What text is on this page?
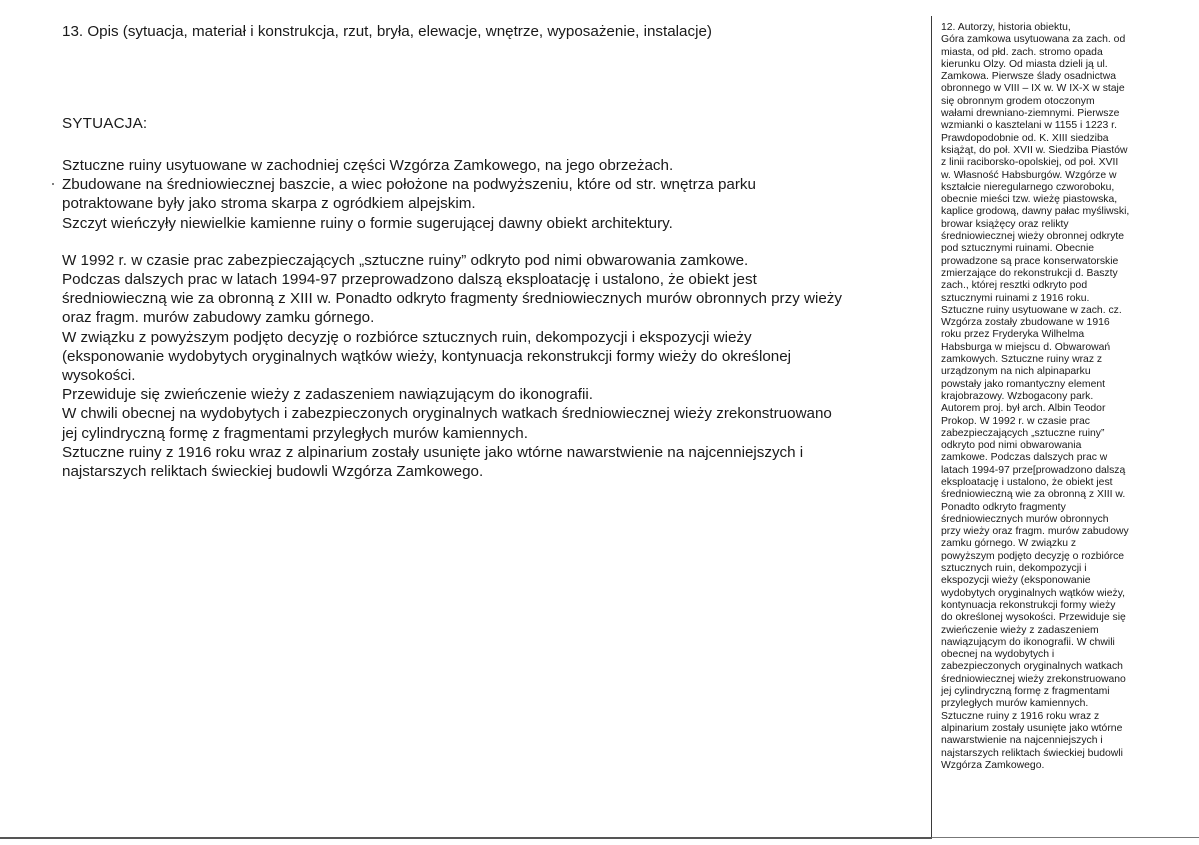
13. Opis (sytuacja, materiał i konstrukcja, rzut, bryła, elewacje, wnętrze, wyposażenie, instalacje)

SYTUACJA:

Sztuczne ruiny usytuowane w zachodniej części Wzgórza Zamkowego, na jego obrzeżach.

Zbudowane na średniowiecznej baszcie, a wiec położone na podwyższeniu, które od str. wnętrza parku

potraktowane były jako stroma skarpa z ogródkiem alpejskim.

Szczyt wieńczyły niewielkie kamienne ruiny o formie sugerującej dawny obiekt architektury.

W 1992 r. w czasie prac zabezpieczających „sztuczne ruiny” odkryto pod nimi obwarowania zamkowe.

Podczas dalszych prac w latach 1994-97 przeprowadzono dalszą eksploatację i ustalono, że obiekt jest

średniowieczną wie za obronną z XIII w. Ponadto odkryto fragmenty średniowiecznych murów obronnych przy wieży

oraz fragm. murów zabudowy zamku górnego.

W związku z powyższym podjęto decyzję o rozbiórce sztucznych ruin, dekompozycji i ekspozycji wieży

(eksponowanie wydobytych oryginalnych wątków wieży, kontynuacja rekonstrukcji formy wieży do określonej

wysokości.

Przewiduje się zwieńczenie wieży z zadaszeniem nawiązującym do ikonografii.

W chwili obecnej na wydobytych i zabezpieczonych oryginalnych watkach średniowiecznej wieży zrekonstruowano

jej cylindryczną formę z fragmentami przyległych murów kamiennych.

Sztuczne ruiny z 1916 roku wraz z alpinarium zostały usunięte jako wtórne nawarstwienie na najcenniejszych i

najstarszych reliktach świeckiej budowli Wzgórza Zamkowego.

12. Autorzy, historia obiektu,

Góra zamkowa usytuowana za zach. od

miasta, od płd. zach. stromo opada

kierunku Olzy. Od miasta dzieli ją ul.

Zamkowa. Pierwsze ślady osadnictwa

obronnego w VIII – IX w. W IX-X w staje

się obronnym grodem otoczonym

wałami drewniano-ziemnymi. Pierwsze

wzmianki o kasztelani w 1155 i 1223 r.

Prawdopodobnie od. K. XIII siedziba

książąt, do poł. XVII w. Siedziba Piastów

z linii raciborsko-opolskiej, od poł. XVII

w. Własność Habsburgów. Wzgórze w

kształcie nieregularnego czworoboku,

obecnie mieści tzw. wieżę piastowska,

kaplice grodową, dawny pałac myśliwski,

browar książęcy oraz relikty

średniowiecznej wieży obronnej odkryte

pod sztucznymi ruinami. Obecnie

prowadzone są prace konserwatorskie

zmierzające do rekonstrukcji d. Baszty

zach., której resztki odkryto pod

sztucznymi ruinami z 1916 roku.

Sztuczne ruiny usytuowane w zach. cz.

Wzgórza zostały zbudowane w 1916

roku przez Fryderyka Wilhelma

Habsburga w miejscu d. Obwarowań

zamkowych. Sztuczne ruiny wraz z

urządzonym na nich alpinaparku

powstały jako romantyczny element

krajobrazowy. Wzbogacony park.

Autorem proj. był arch. Albin Teodor

Prokop. W 1992 r. w czasie prac

zabezpieczających „sztuczne ruiny”

odkryto pod nimi obwarowania

zamkowe. Podczas dalszych prac w

latach 1994-97 prze[prowadzono dalszą

eksploatację i ustalono, że obiekt jest

średniowieczną wie za obronną z XIII w.

Ponadto odkryto fragmenty

średniowiecznych murów obronnych

przy wieży oraz fragm. murów zabudowy

zamku górnego. W związku z

powyższym podjęto decyzję o rozbiórce

sztucznych ruin, dekompozycji i

ekspozycji wieży (eksponowanie

wydobytych oryginalnych wątków wieży,

kontynuacja rekonstrukcji formy wieży

do określonej wysokości. Przewiduje się

zwieńczenie wieży z zadaszeniem

nawiązującym do ikonografii. W chwili

obecnej na wydobytych i

zabezpieczonych oryginalnych watkach

średniowiecznej wieży zrekonstruowano

jej cylindryczną formę z fragmentami

przyległych murów kamiennych.

Sztuczne ruiny z 1916 roku wraz z

alpinarium zostały usunięte jako wtórne

nawarstwienie na najcenniejszych i

najstarszych reliktach świeckiej budowli

Wzgórza Zamkowego.
